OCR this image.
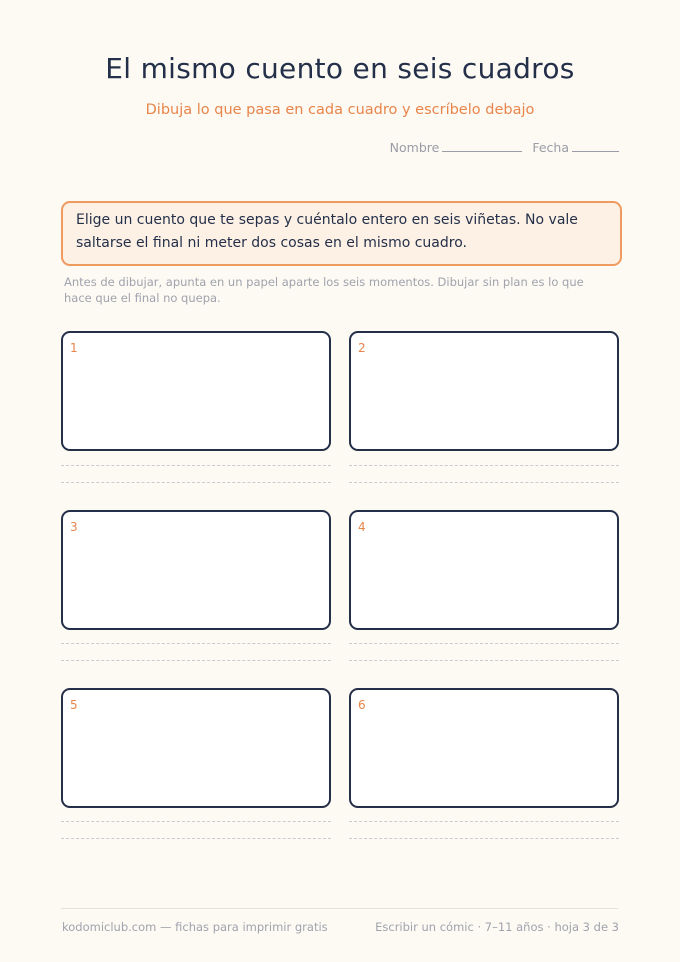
El mismo cuento en seis cuadros

Dibuja lo que pasa en cada cuadro y escríbelo debajo

Nombre	Fecha
Elige un cuento que te sepas y cuéntalo entero en seis viñetas. No vale saltarse el final ni meter dos cosas en el mismo cuadro.
Antes de dibujar, apunta en un papel aparte los seis momentos. Dibujar sin plan es lo que hace que el final no quepa.
1	2
3	4
5	6
kodomiclub.com — fichas para imprimir gratis	Escribir un cómic · 7–11 años · hoja 3 de 3
